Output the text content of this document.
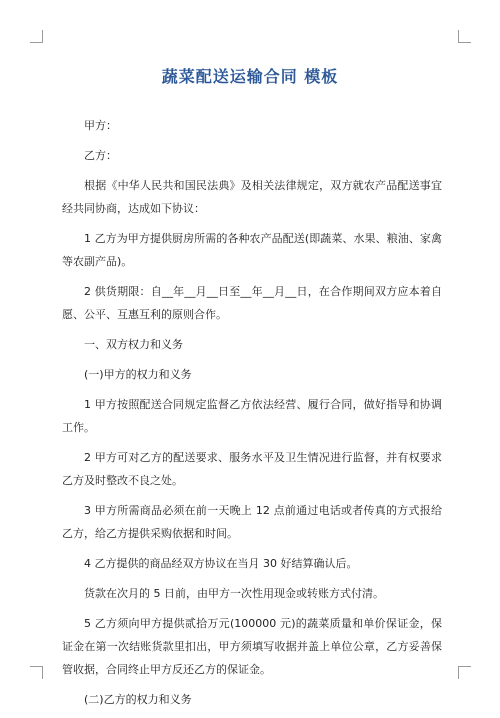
蔬菜配送运输合同 模板

甲方：

乙方：

根据《中华人民共和国民法典》及相关法律规定，双方就农产品配送事宜经共同协商，达成如下协议：

1 乙方为甲方提供厨房所需的各种农产品配送(即蔬菜、水果、粮油、家禽等农副产品)。

2 供货期限：自__年__月__日至__年__月__日，在合作期间双方应本着自愿、公平、互惠互利的原则合作。

一、双方权力和义务

(一)甲方的权力和义务

1 甲方按照配送合同规定监督乙方依法经营、履行合同，做好指导和协调工作。

2 甲方可对乙方的配送要求、服务水平及卫生情况进行监督，并有权要求乙方及时整改不良之处。

3 甲方所需商品必须在前一天晚上 12 点前通过电话或者传真的方式报给乙方，给乙方提供采购依据和时间。

4 乙方提供的商品经双方协议在当月 30 好结算确认后。

货款在次月的 5 日前，由甲方一次性用现金或转账方式付清。

5 乙方须向甲方提供贰拾万元(100000 元)的蔬菜质量和单价保证金，保证金在第一次结账货款里扣出，甲方须填写收据并盖上单位公章，乙方妥善保管收据，合同终止甲方反还乙方的保证金。

(二)乙方的权力和义务
